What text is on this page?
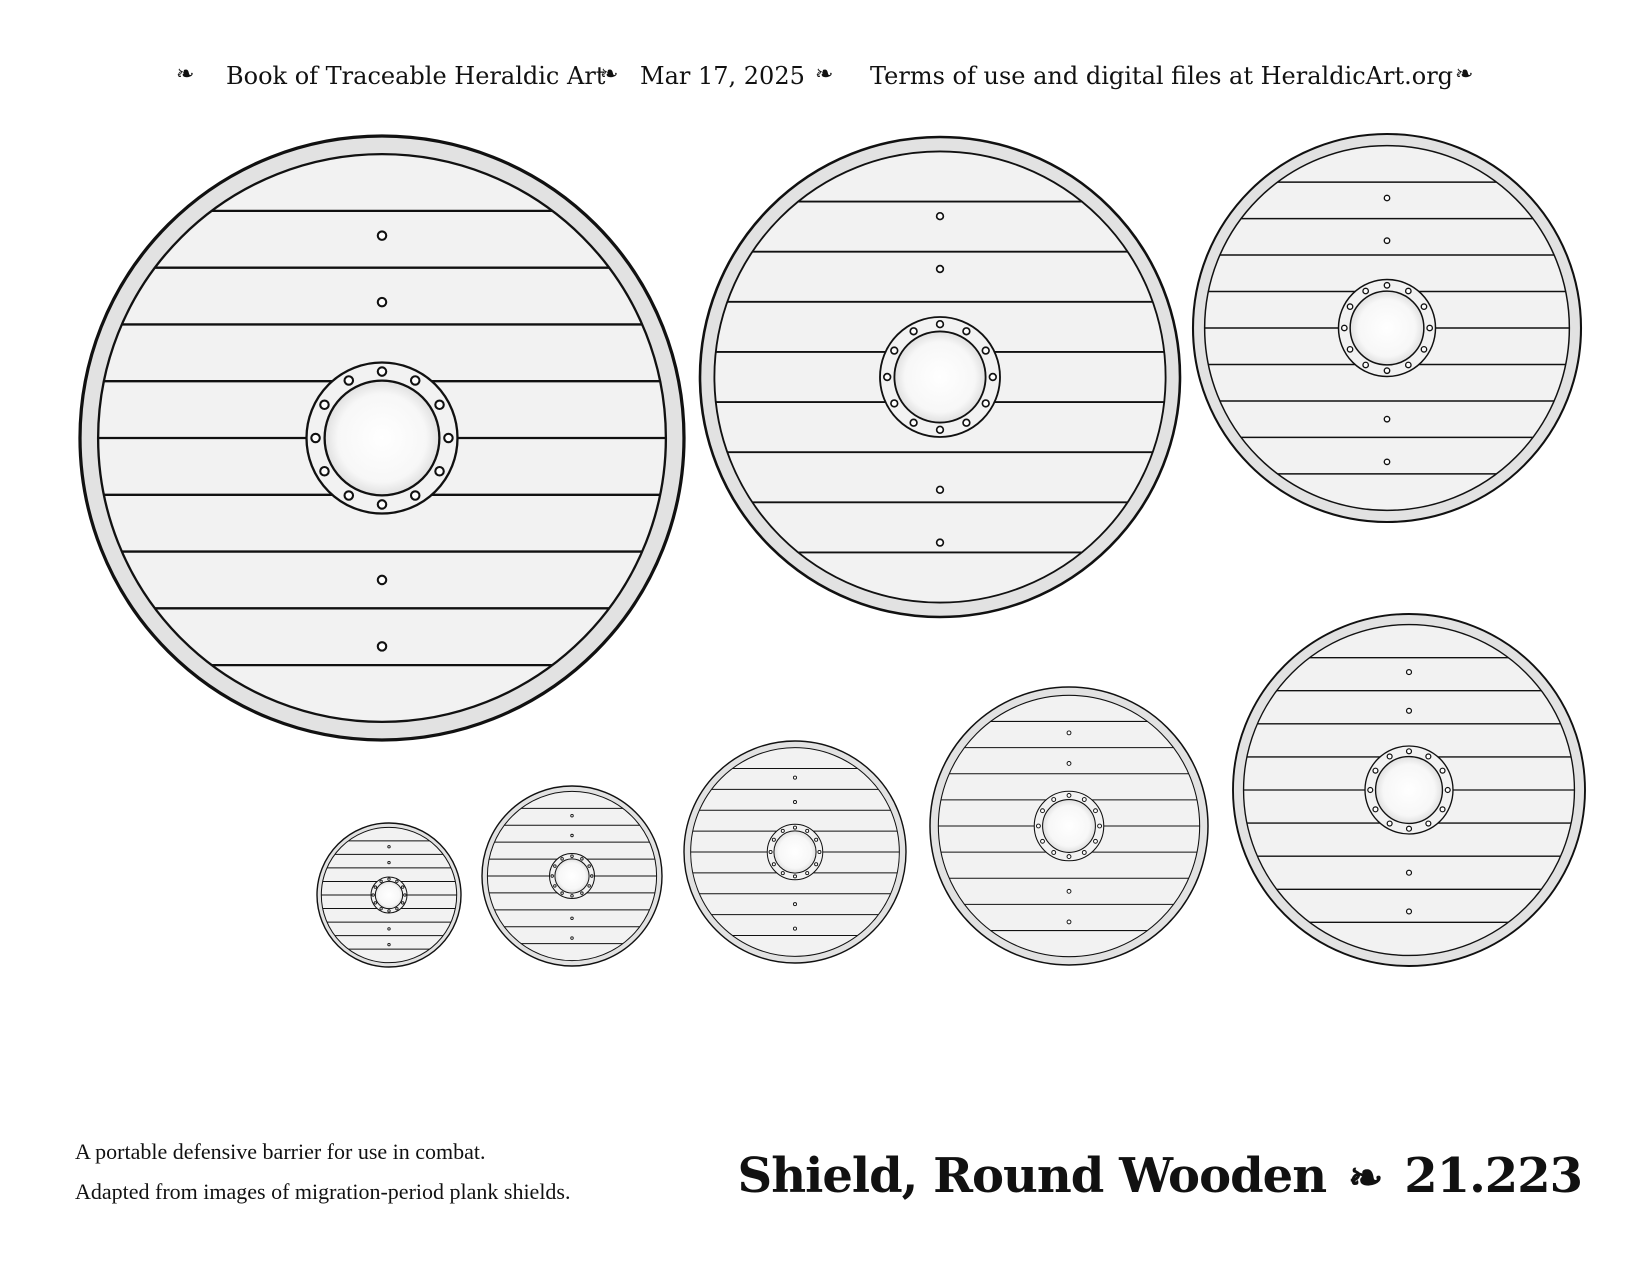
❧ Book of Traceable Heraldic Art
❧ Mar 17, 2025 ❧ Terms of use and digital files at HeraldicArt.org ❧
A portable defensive barrier for use in combat.
Adapted from images of migration-period plank shields.	Shield, Round Wooden ❧ 21.223
